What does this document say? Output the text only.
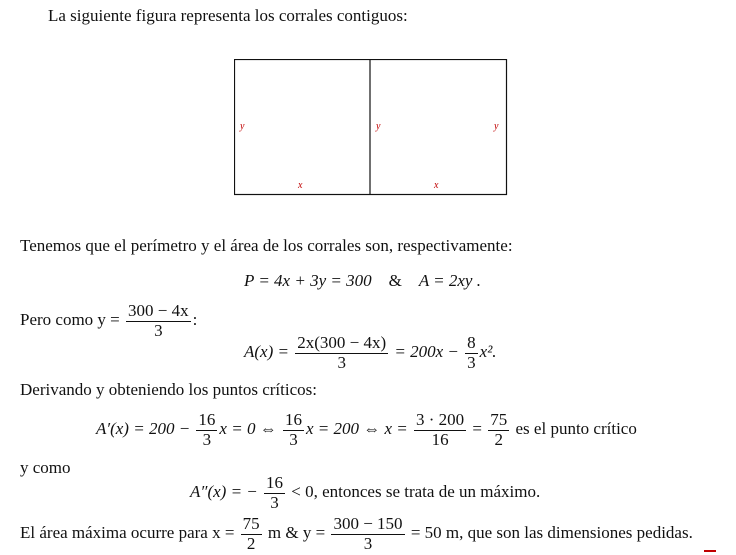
La siguiente figura representa los corrales contiguos:
y	y	y
x	x
Tenemos que el perímetro y el área de los corrales son, respectivamente:
P = 4x + 3y = 300 & A = 2xy .
Pero como $y = \frac{300 - 4x}{3}$ :
$A(x) = \frac{2x(300 - 4x)}{3} = 200x - \frac{8}{3} x^2$.
Derivando y obteniendo los puntos críticos:
$A'(x) = 200 - \frac{16}{3}$ x = 0 ⇔ $\frac{16}{3}$ x = 200 ⇔ $x = \frac{3 \cdot 200}{16} = \frac{75}{2}$ es el punto crítico
y como
A″(x) = − $\frac{16}{3} < 0$, entonces se trata de un máximo.
El área máxima ocurre para $x = \frac{75}{2}$ m & $y = \frac{300 - 150}{3} = 50$ m, que son las dimensiones pedidas.
